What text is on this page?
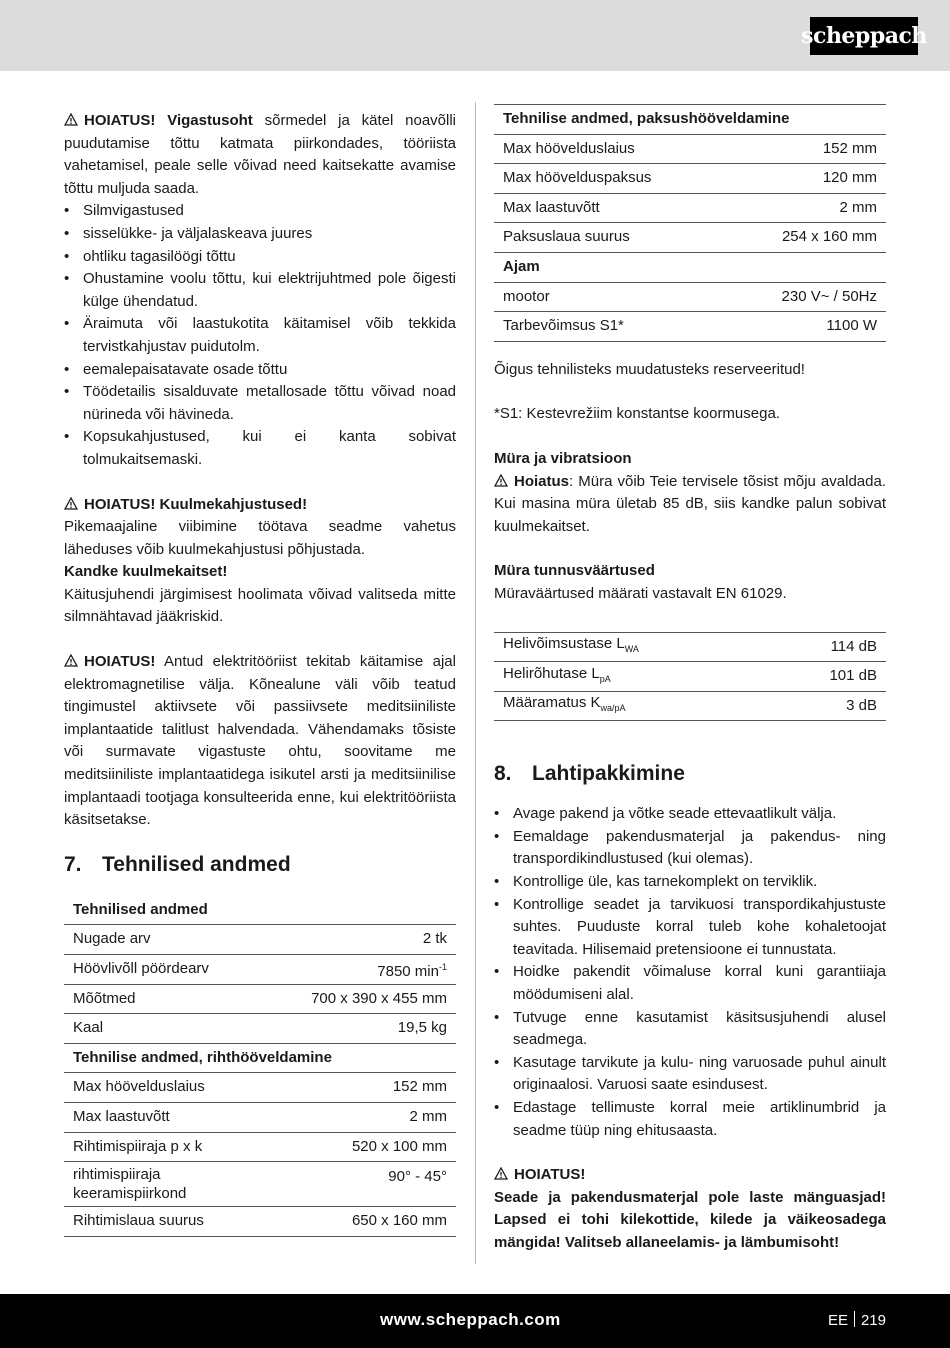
scheppach

HOIATUS! Vigastusoht sõrmedel ja kätel noavõlli puudutamise tõttu katmata piirkondades, tööriista vahetamisel, peale selle võivad need kaitsekatte avamise tõttu muljuda saada.

• Silmvigastused
• sisselükke- ja väljalaskeava juures
• ohtliku tagasilöögi tõttu
• Ohustamine voolu tõttu, kui elektrijuhtmed pole õigesti külge ühendatud.
• Äraimuta või laastukotita käitamisel võib tekkida tervistkahjustav puidutolm.
• eemalepaisatavate osade tõttu
• Töödetailis sisalduvate metallosade tõttu võivad noad nürineda või hävineda.
• Kopsukahjustused, kui ei kanta sobivat tolmukaitsemaski.

HOIATUS! Kuulmekahjustused!

Pikemaajaline viibimine töötava seadme vahetus läheduses võib kuulmekahjustusi põhjustada.

Kandke kuulmekaitset!

Käitusjuhendi järgimisest hoolimata võivad valitseda mitte silmnähtavad jääkriskid.

HOIATUS! Antud elektritööriist tekitab käitamise ajal elektromagnetilise välja. Kõnealune väli võib teatud tingimustel aktiivsete või passiivsete meditsiiniliste implantaatide talitlust halvendada. Vähendamaks tõsiste või surmavate vigastuste ohtu, soovitame me meditsiiniliste implantaatidega isikutel arsti ja meditsiinilise implantaadi tootjaga konsulteerida enne, kui elektritööriista käsitsetakse.

7. Tehnilised andmed
Tehnilised andmed	
Nugade arv	2 tk
Höövlivõll pöördearv	7850 $\min^{-1}$
Mõõtmed	700 x 390 x 455 mm
Kaal	19,5 kg
Tehnilise andmed, rihthööveldamine	
Max höövelduslaius	152 mm
Max laastuvõtt	2 mm
Rihtimispiiraja p x k	520 x 100 mm
rihtimispiiraja keeramispiirkond	90° - 45°
Rihtimislaua suurus	650 x 160 mm
Tehnilise andmed, paksushööveldamine	
Max höövelduslaius	152 mm
Max höövelduspaksus	120 mm
Max laastuvõtt	2 mm
Paksuslaua suurus	254 x 160 mm
Ajam	
mootor	230 V~ / 50Hz
Tarbevõimsus S1*	1100 W

Õigus tehnilisteks muudatusteks reserveeritud!

*S1: Kestevrežiim konstantse koormusega.

Müra ja vibratsioon

Hoiatus: Müra võib Teie tervisele tõsist mõju avaldada. Kui masina müra ületab 85 dB, siis kandke palun sobivat kuulmekaitset.

Müra tunnusväärtused

Müraväärtused määrati vastavalt EN 61029.

Helivõimsustase $L_{WA}$	114 dB
Helirõhutase $L_{pA}$	101 dB
Määramatus $K_{wa/pA}$	3 dB
8. Lahtipakkimine
• Avage pakend ja võtke seade ettevaatlikult välja.
• Eemaldage pakendusmaterjal ja pakendus- ning transpordikindlustused (kui olemas).
• Kontrollige üle, kas tarnekomplekt on terviklik.
• Kontrollige seadet ja tarvikuosi transpordikahjustuste suhtes. Puuduste korral tuleb kohe kohaletoojat teavitada. Hilisemaid pretensioone ei tunnustata.
• Hoidke pakendit võimaluse korral kuni garantiiaja möödumiseni alal.
• Tutvuge enne kasutamist käsitsusjuhendi alusel seadmega.
• Kasutage tarvikute ja kulu- ning varuosade puhul ainult originaalosi. Varuosi saate esindusest.
• Edastage tellimuste korral meie artiklinumbrid ja seadme tüüp ning ehitusaasta.

HOIATUS!

Seade ja pakendusmaterjal pole laste mänguasjad! Lapsed ei tohi kilekottide, kilede ja väikeosadega mängida! Valitseb allaneelamis- ja lämbumisoht!

www.scheppach.com	EE 219
